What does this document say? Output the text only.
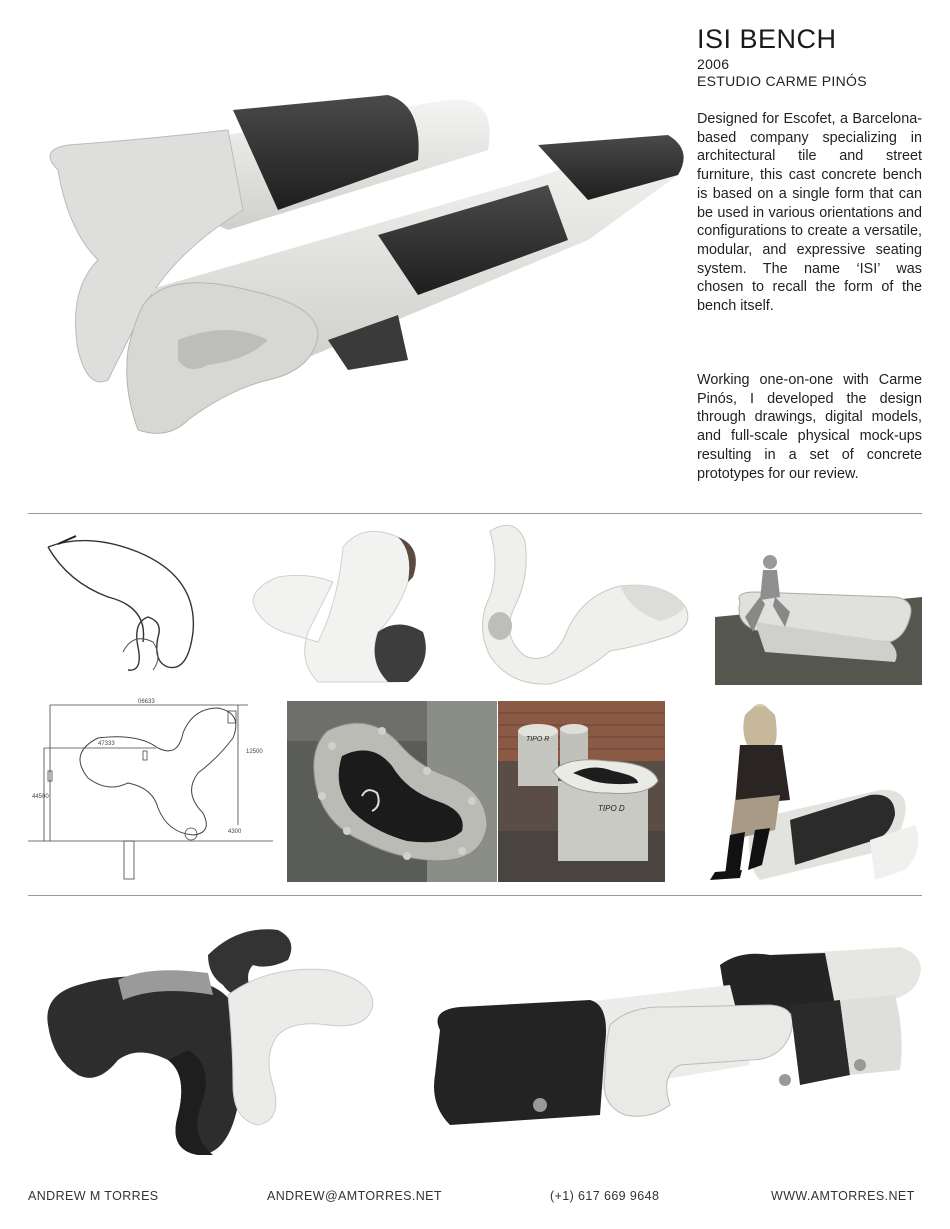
ISI BENCH
2006
ESTUDIO CARME PINÓS
Designed for Escofet, a Barcelona-based company specializing in architectural tile and street furniture, this cast concrete bench is based on a single form that can be used in various orientations and configurations to create a versatile, modular, and expressive seating system. The name ‘ISI’ was chosen to recall the form of the bench itself.
Working one-on-one with Carme Pinós, I developed the design through drawings, digital models, and full-scale physical mock-ups resulting in a set of concrete prototypes for our review.
06633
47333
12500
44500
4300
TIPO R
TIPO D
ANDREW M TORRES	ANDREW@AMTORRES.NET	(+1) 617 669 9648	WWW.AMTORRES.NET
